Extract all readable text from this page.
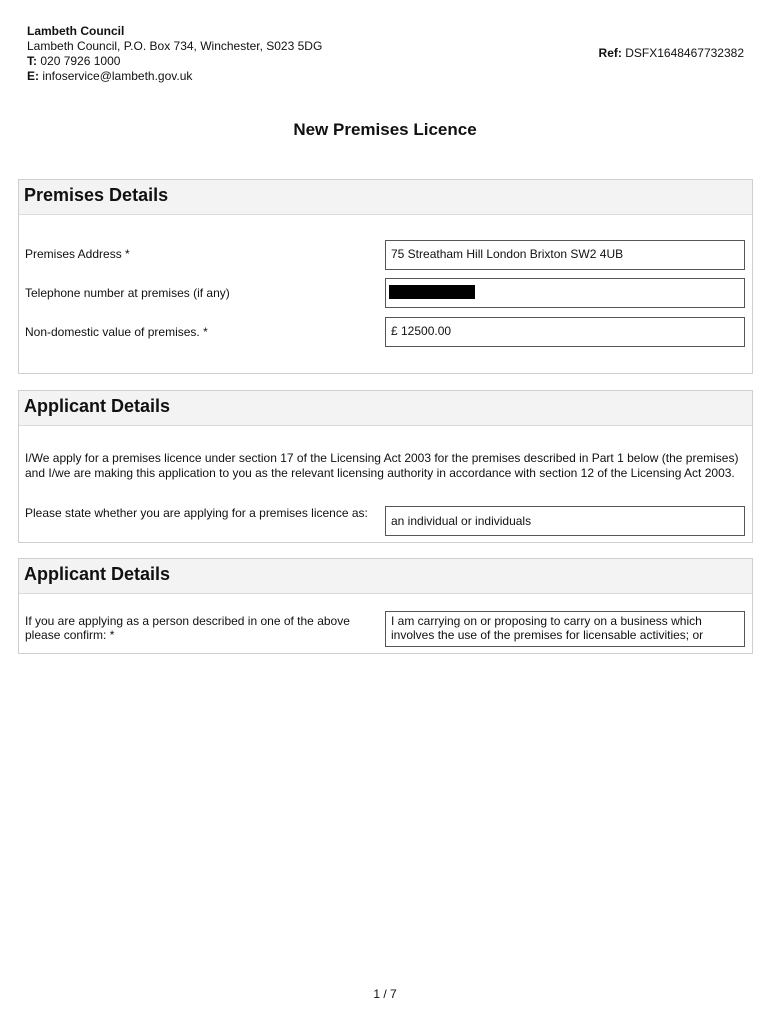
Lambeth Council
Lambeth Council, P.O. Box 734, Winchester, S023 5DG
T: 020 7926 1000
E: infoservice@lambeth.gov.uk
Ref: DSFX1648467732382
New Premises Licence
Premises Details
Premises Address *	75 Streatham Hill London Brixton SW2 4UB
Telephone number at premises (if any)
Non-domestic value of premises. *	£ 12500.00
Applicant Details
I/We apply for a premises licence under section 17 of the Licensing Act 2003 for the premises described in Part 1 below (the premises) and I/we are making this application to you as the relevant licensing authority in accordance with section 12 of the Licensing Act 2003.
Please state whether you are applying for a premises licence as:
an individual or individuals
Applicant Details
If you are applying as a person described in one of the above please confirm: *
I am carrying on or proposing to carry on a business which involves the use of the premises for licensable activities; or
1 / 7
